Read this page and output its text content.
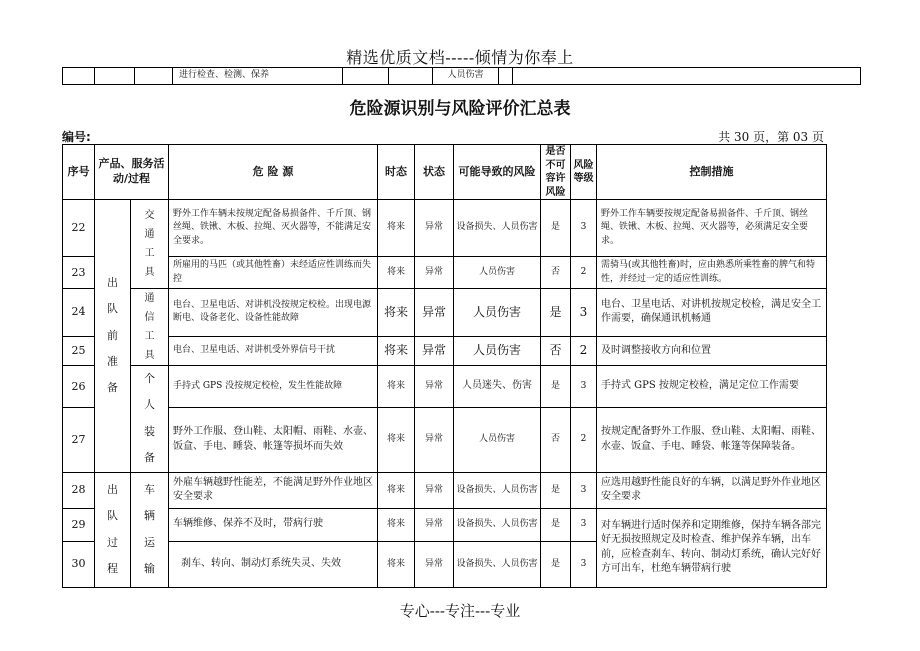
精选优质文档-----倾情为你奉上
			进行检查、检测、保养			人员伤害		
危险源识别与风险评价汇总表
编号:	共 30 页，第 03 页
序号	产品、服务活动/过程		危 险 源	时态	状态	可能导致的风险	是否不可容许风险	风险等级	控制措施
22	出队前准备	交通工具	野外工作车辆未按规定配备易损备件、千斤顶、钢丝绳、铁锹、木板、拉绳、灭火器等，不能满足安全要求。	将来	异常	设备损失、人员伤害	是	3	野外工作车辆要按规定配备易损备件、千斤顶、钢丝绳、铁锹、木板、拉绳、灭火器等，必须满足安全要求。
23			所雇用的马匹（或其他牲畜）未经适应性训练而失控	将来	异常	人员伤害	否	2	需骑马(或其他牲畜)时，应由熟悉所乘牲畜的脾气和特性，并经过一定的适应性训练。
24		通信工具	电台、卫星电话、对讲机没按规定校检。出现电源断电、设备老化、设备性能故障	将来	异常	人员伤害	是	3	电台、卫星电话、对讲机按规定校检，满足安全工作需要，确保通讯机畅通
25			电台、卫星电话、对讲机受外界信号干扰	将来	异常	人员伤害	否	2	及时调整接收方向和位置
26		个人装备	手持式 GPS 没按规定校检，发生性能故障	将来	异常	人员迷失、伤害	是	3	手持式 GPS 按规定校检，满足定位工作需要
27			野外工作服、登山鞋、太阳帽、雨鞋、水壶、饭盒、手电、睡袋、帐篷等损坏而失效	将来	异常	人员伤害	否	2	按规定配备野外工作服、登山鞋、太阳帽、雨鞋、水壶、饭盒、手电、睡袋、帐篷等保障装备。
28	出队过程	车辆运输	外雇车辆越野性能差，不能满足野外作业地区安全要求	将来	异常	设备损失、人员伤害	是	3	应选用越野性能良好的车辆，以满足野外作业地区安全要求
29			车辆维修、保养不及时，带病行驶	将来	异常	设备损失、人员伤害	是	3	对车辆进行适时保养和定期维修，保持车辆各部完好无损按照规定及时检查、维护保养车辆，出车前，应检查刹车、转向、制动灯系统，确认完好好方可出车，杜绝车辆带病行驶
30			刹车、转向、制动灯系统失灵、失效	将来	异常	设备损失、人员伤害	是	3	
专心---专注---专业
